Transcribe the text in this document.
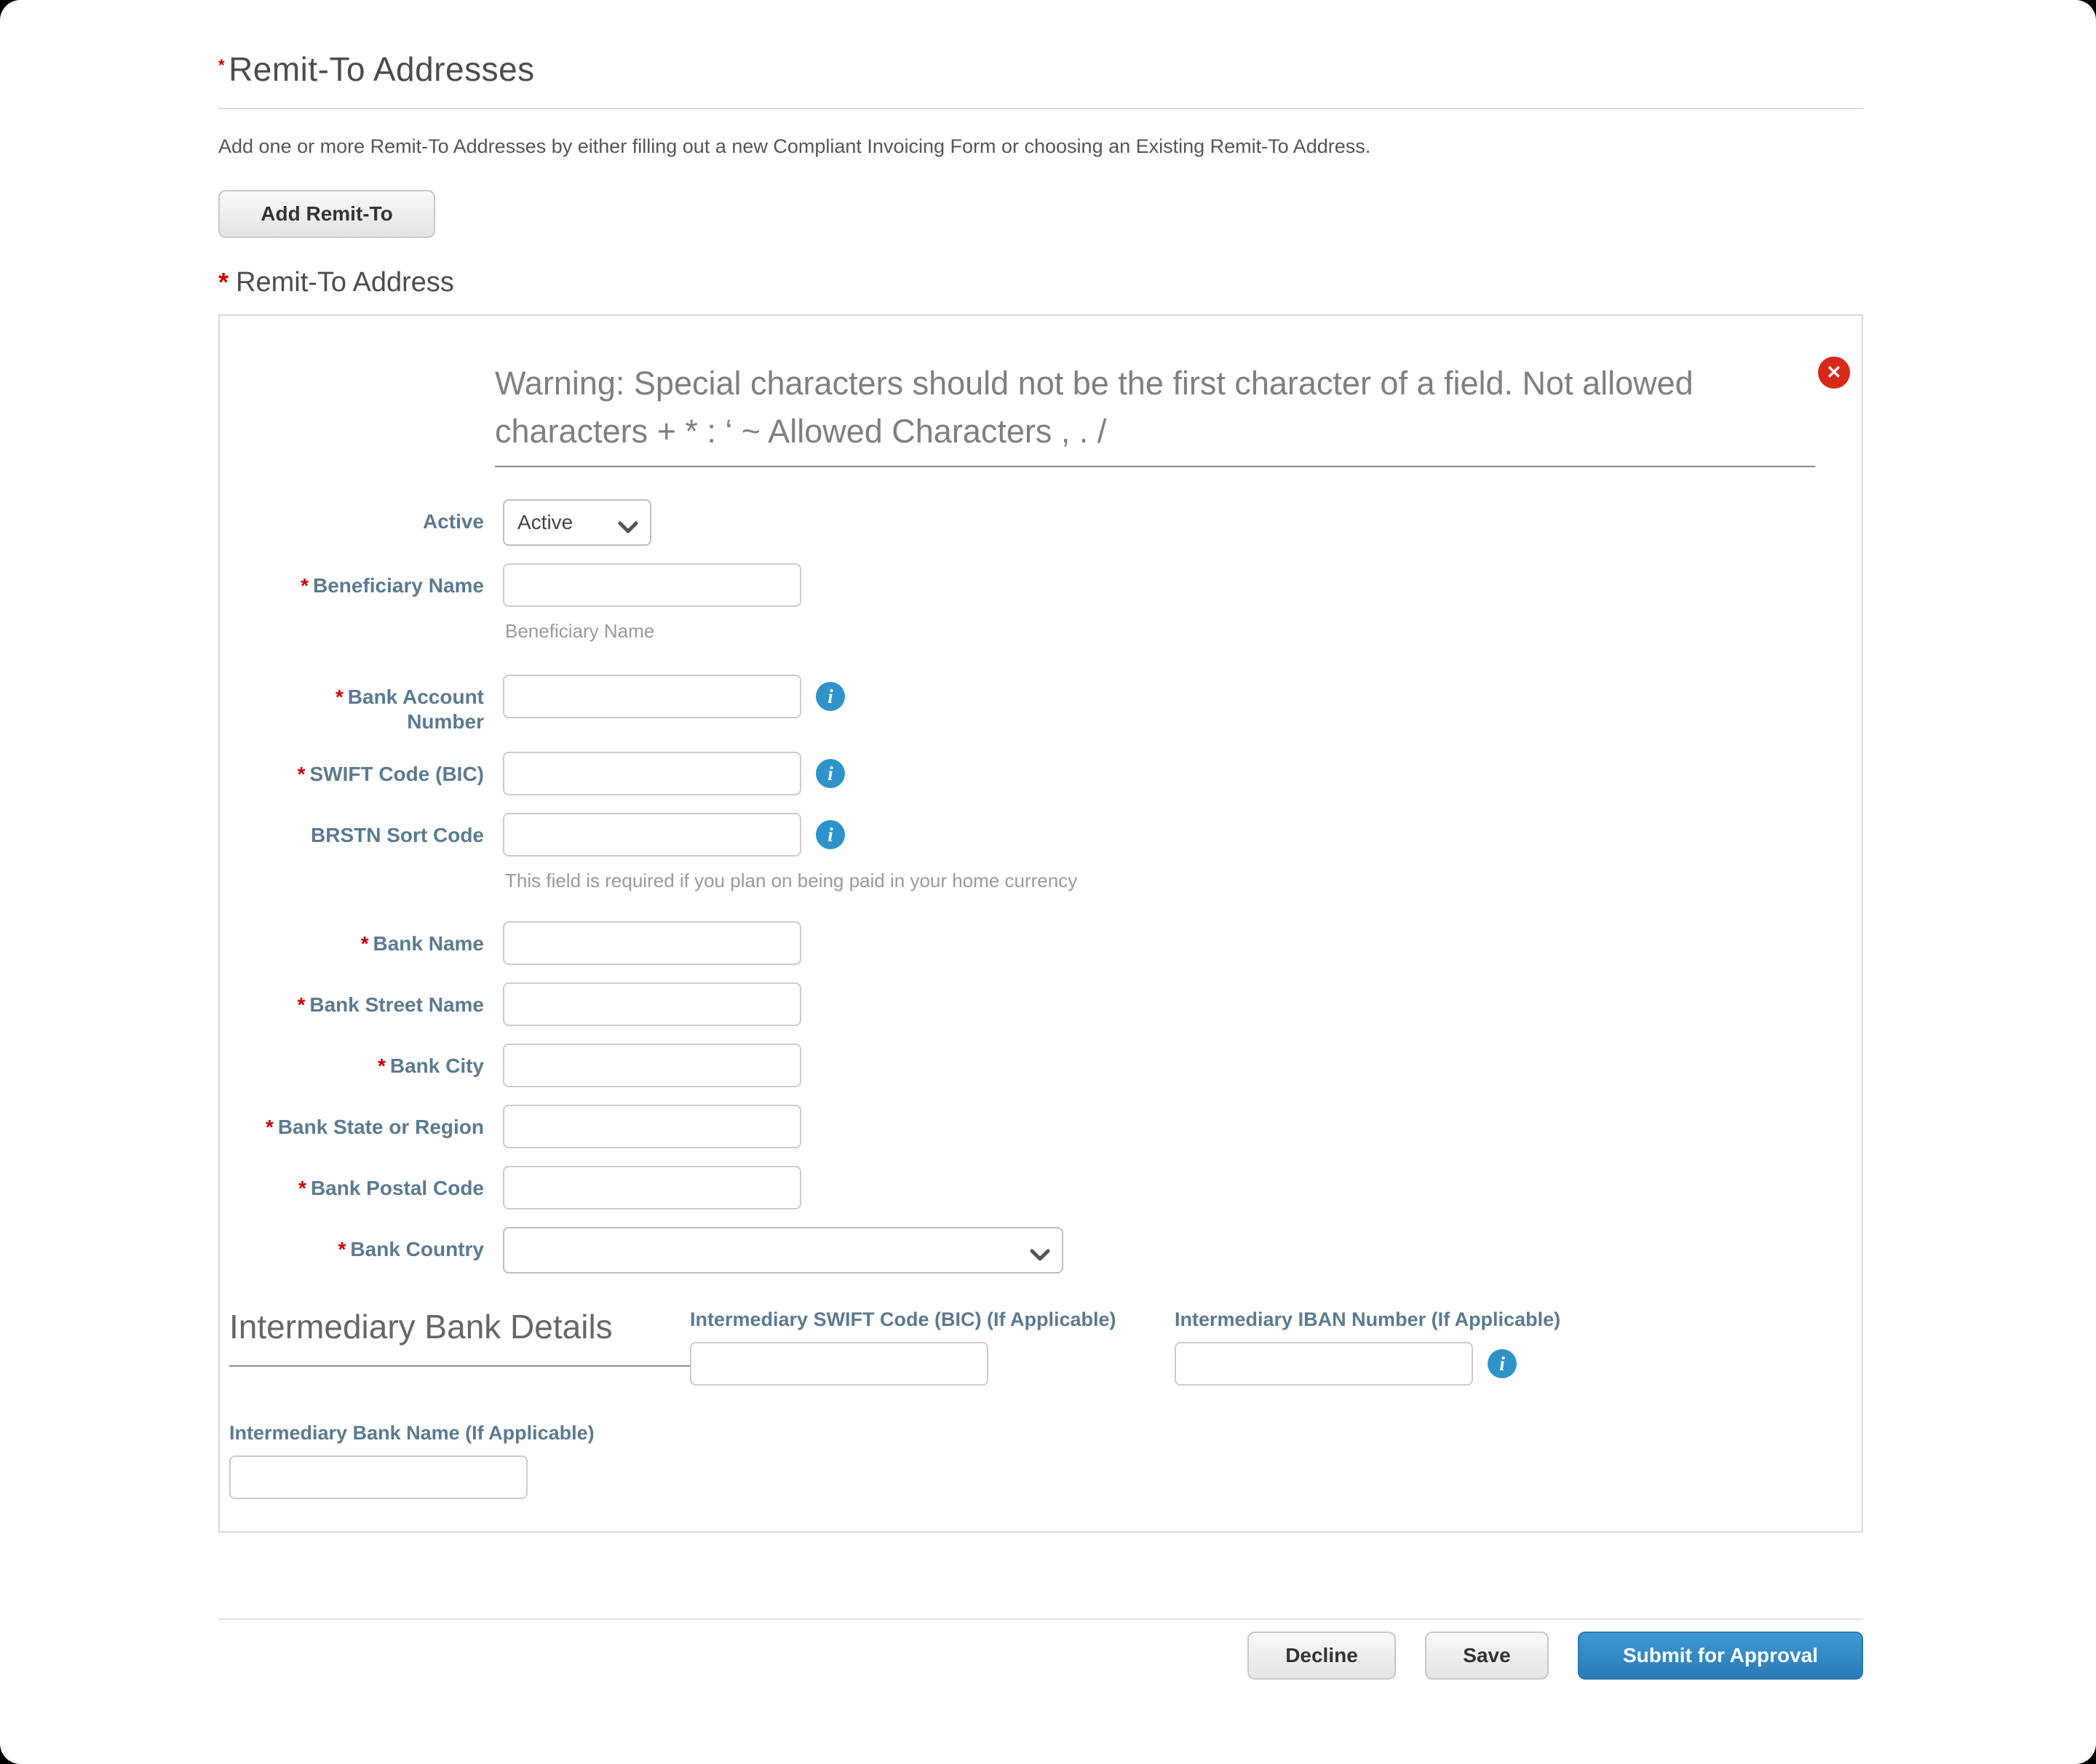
* Remit-To Addresses

Add one or more Remit-To Addresses by either filling out a new Compliant Invoicing Form or choosing an Existing Remit-To Address.

Add Remit-To
* Remit-To Address

Warning: Special characters should not be the first character of a field. Not allowed characters + * : ‘ ~ Allowed Characters , . /

✕
Active Active
* Beneficiary Name
Beneficiary Name
* Bank Account Number
i
* SWIFT Code (BIC)	i
BRSTN Sort Code	i
This field is required if you plan on being paid in your home currency
* Bank Name
* Bank Street Name
* Bank City
* Bank State or Region
* Bank Postal Code
* Bank Country
Intermediary Bank Details	Intermediary SWIFT Code (BIC) (If Applicable)	Intermediary IBAN Number (If Applicable)
i
Intermediary Bank Name (If Applicable)
Decline	Save	Submit for Approval
